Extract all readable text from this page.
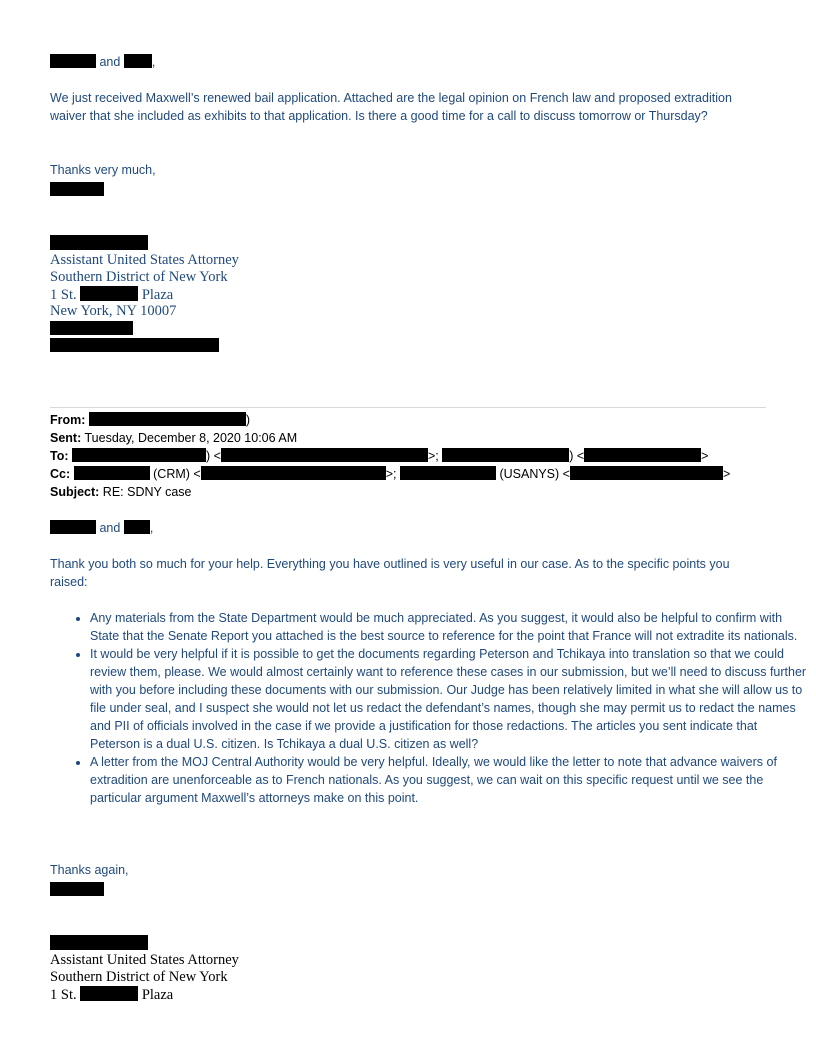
and	,
We just received Maxwell’s renewed bail application. Attached are the legal opinion on French law and proposed extradition waiver that she included as exhibits to that application. Is there a good time for a call to discuss tomorrow or Thursday?
Thanks very much,
Assistant United States Attorney
Southern District of New York
1 St.	Plaza
New York, NY 10007
From:	)
Sent: Tuesday, December 8, 2020 10:06 AM
To:	) <	>;	) <	>
Cc:	(CRM) <	>;	(USANYS) <	>
Subject: RE: SDNY case
and ,
Thank you both so much for your help. Everything you have outlined is very useful in our case. As to the specific points you raised:
• Any materials from the State Department would be much appreciated. As you suggest, it would also be helpful to confirm with State that the Senate Report you attached is the best source to reference for the point that France will not extradite its nationals.
• It would be very helpful if it is possible to get the documents regarding Peterson and Tchikaya into translation so that we could review them, please. We would almost certainly want to reference these cases in our submission, but we’ll need to discuss further with you before including these documents with our submission. Our Judge has been relatively limited in what she will allow us to file under seal, and I suspect she would not let us redact the defendant’s names, though she may permit us to redact the names and PII of officials involved in the case if we provide a justification for those redactions. The articles you sent indicate that Peterson is a dual U.S. citizen. Is Tchikaya a dual U.S. citizen as well?
• A letter from the MOJ Central Authority would be very helpful. Ideally, we would like the letter to note that advance waivers of extradition are unenforceable as to French nationals. As you suggest, we can wait on this specific request until we see the particular argument Maxwell’s attorneys make on this point.
Thanks again,
Assistant United States Attorney
Southern District of New York
1 St.	Plaza
